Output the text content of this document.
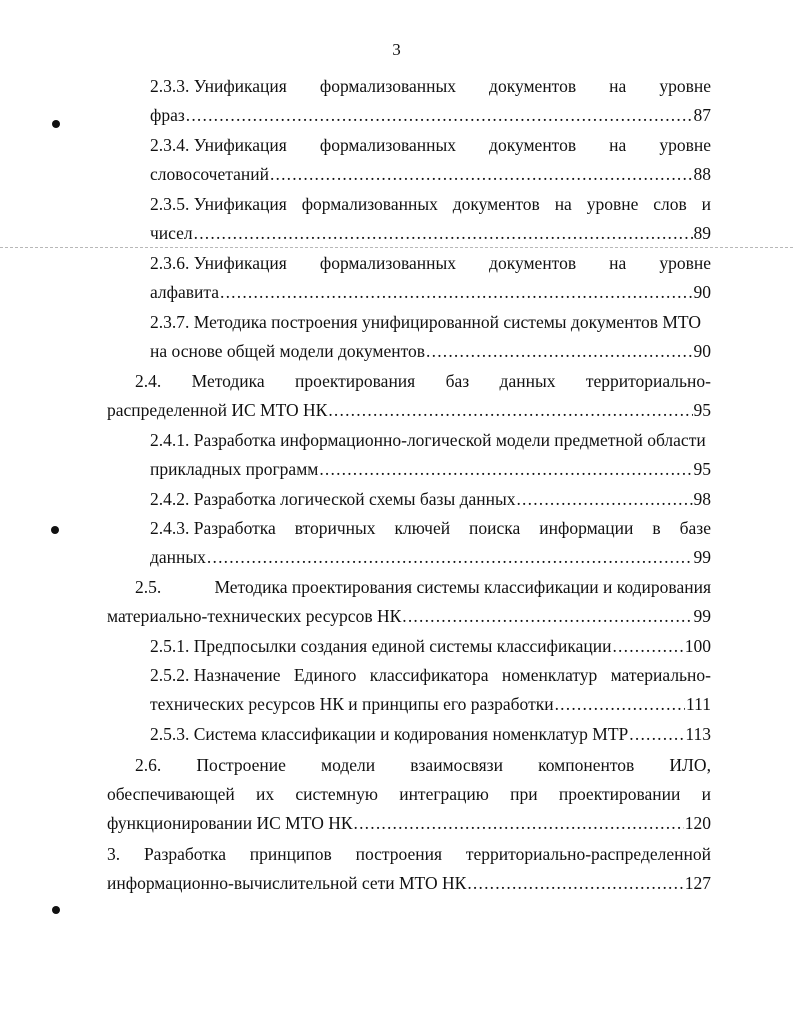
3
2.3.3. Унификация формализованных документов на уровне
фраз .....	87
2.3.4. Унификация формализованных документов на уровне
словосочетаний .....	88
2.3.5. Унификация формализованных документов на уровне слов и
чисел .....	89
2.3.6. Унификация формализованных документов на уровне
алфавита .....	90
2.3.7. Методика построения унифицированной системы документов МТО
на основе общей модели документов .....	90
2.4. Методика проектирования баз данных территориально-
распределенной ИС МТО НК .....	95
2.4.1. Разработка информационно-логической модели предметной области
прикладных программ .....	95
2.4.2. Разработка логической схемы базы данных .....	98
2.4.3. Разработка вторичных ключей поиска информации в базе
данных .....	99
2.5.	Методика проектирования системы классификации и кодирования
материально-технических ресурсов НК .....	99
2.5.1. Предпосылки создания единой системы классификации .....	100
2.5.2. Назначение Единого классификатора номенклатур материально-
технических ресурсов НК и принципы его разработки .....	111
2.5.3. Система классификации и кодирования номенклатур МТР .....	113
2.6. Построение модели взаимосвязи компонентов ИЛО,
обеспечивающей их системную интеграцию при проектировании и
функционировании ИС МТО НК .....	120
3. Разработка принципов построения территориально-распределенной
информационно-вычислительной сети МТО НК .....	127
